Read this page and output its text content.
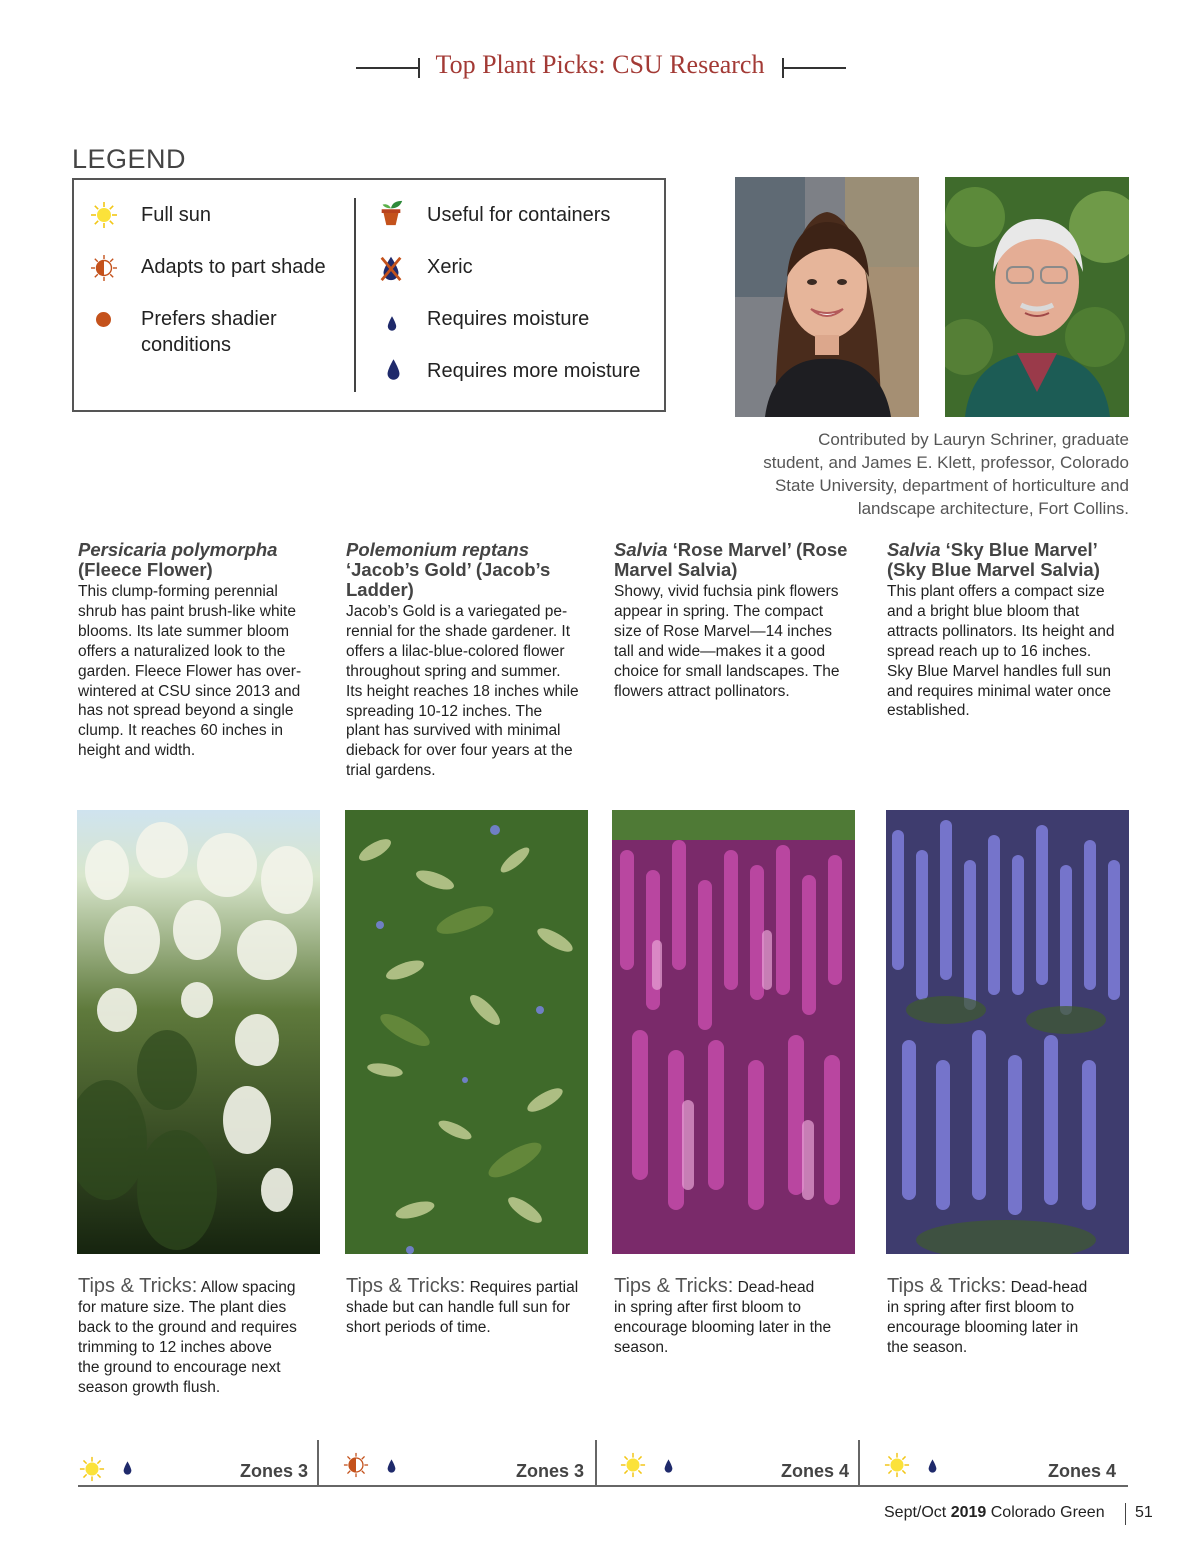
Top Plant Picks: CSU Research
LEGEND
Full sun
Adapts to part shade
Prefers shadier
conditions
Useful for containers
Xeric
Requires moisture
Requires more moisture
Contributed by Lauryn Schriner, graduate
student, and James E. Klett, professor, Colorado
State University, department of horticulture and
landscape architecture, Fort Collins.
Persicaria polymorpha
(Fleece Flower)
This clump-forming perennial
shrub has paint brush-like white
blooms. Its late summer bloom
offers a naturalized look to the
garden. Fleece Flower has over-
wintered at CSU since 2013 and
has not spread beyond a single
clump. It reaches 60 inches in
height and width.
Polemonium reptans
‘Jacob’s Gold’ (Jacob’s
Ladder)
Jacob’s Gold is a variegated pe-
rennial for the shade gardener. It
offers a lilac-blue-colored flower
throughout spring and summer.
Its height reaches 18 inches while
spreading 10-12 inches. The
plant has survived with minimal
dieback for over four years at the
trial gardens.
Salvia ‘Rose Marvel’ (Rose
Marvel Salvia)
Showy, vivid fuchsia pink flowers
appear in spring. The compact
size of Rose Marvel—14 inches
tall and wide—makes it a good
choice for small landscapes. The
flowers attract pollinators.
Salvia ‘Sky Blue Marvel’
(Sky Blue Marvel Salvia)
This plant offers a compact size
and a bright blue bloom that
attracts pollinators. Its height and
spread reach up to 16 inches.
Sky Blue Marvel handles full sun
and requires minimal water once
established.
Tips & Tricks: Allow spacing
for mature size. The plant dies
back to the ground and requires
trimming to 12 inches above
the ground to encourage next
season growth flush.
Tips & Tricks: Requires partial
shade but can handle full sun for
short periods of time.
Tips & Tricks: Dead-head
in spring after first bloom to
encourage blooming later in the
season.
Tips & Tricks: Dead-head
in spring after first bloom to
encourage blooming later in
the season.
Zones 3	Zones 3	Zones 4	Zones 4
Sept/Oct 2019 Colorado Green 51
